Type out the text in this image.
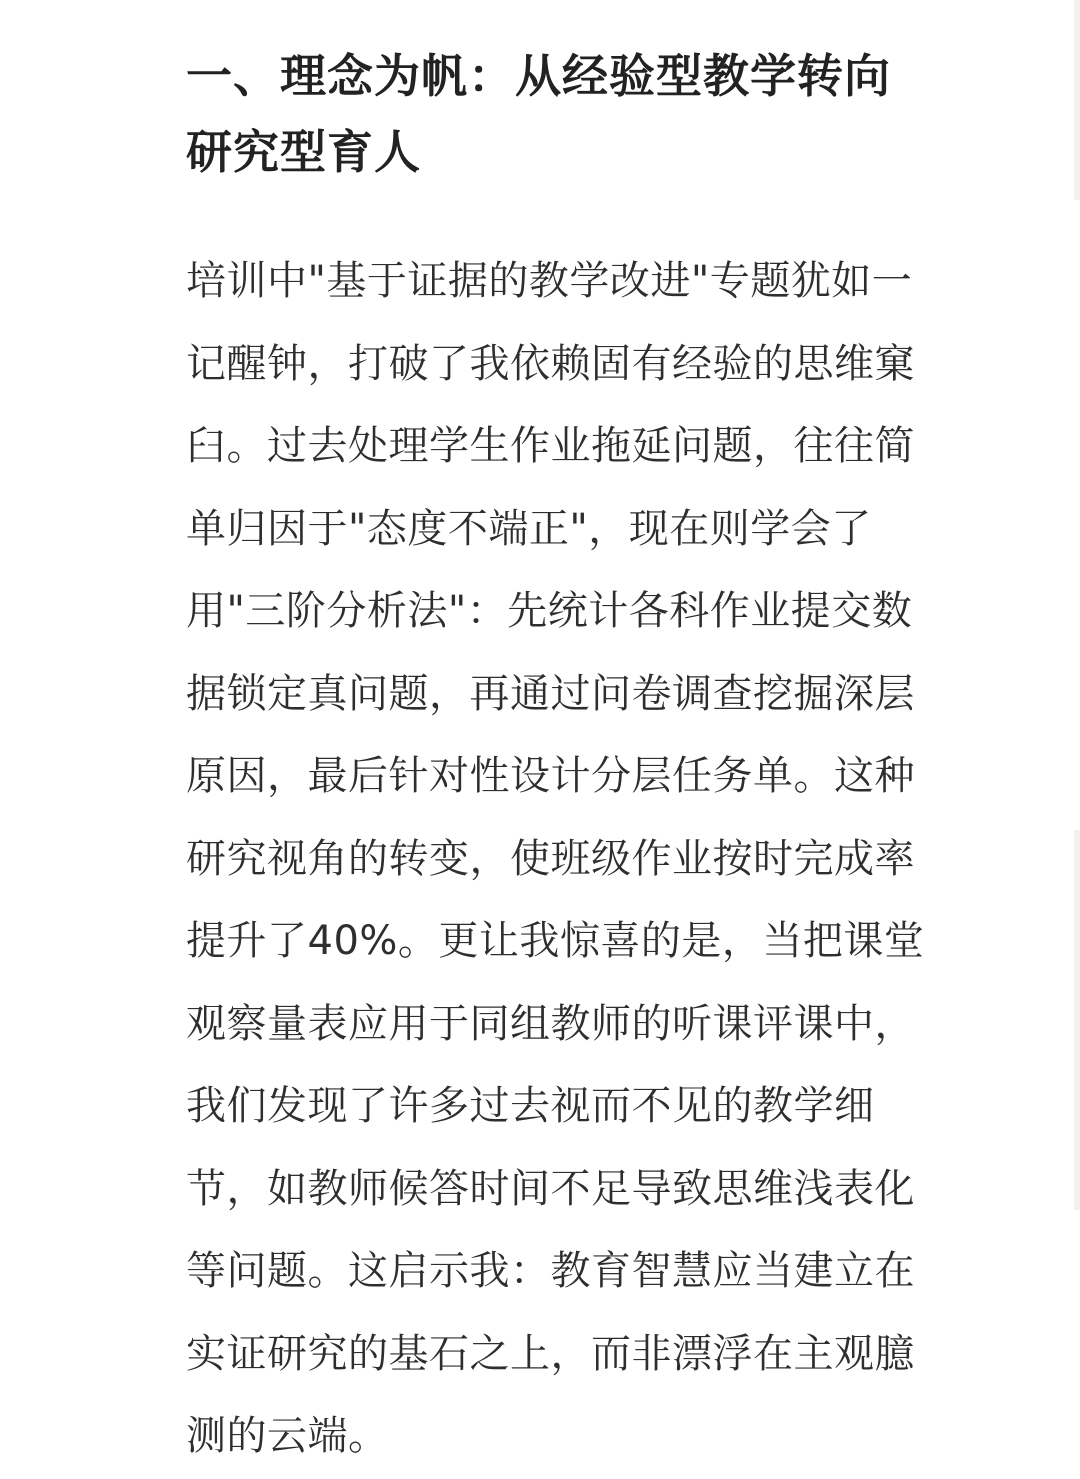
一、理念为帆：从经验型教学转向
研究型育人

培训中"基于证据的教学改进"专题犹如一
记醒钟，打破了我依赖固有经验的思维窠
臼。过去处理学生作业拖延问题，往往简
单归因于"态度不端正"，现在则学会了
用"三阶分析法"：先统计各科作业提交数
据锁定真问题，再通过问卷调查挖掘深层
原因，最后针对性设计分层任务单。这种
研究视角的转变，使班级作业按时完成率
提升了40%。更让我惊喜的是，当把课堂
观察量表应用于同组教师的听课评课中，
我们发现了许多过去视而不见的教学细
节，如教师候答时间不足导致思维浅表化
等问题。这启示我：教育智慧应当建立在
实证研究的基石之上，而非漂浮在主观臆
测的云端。
